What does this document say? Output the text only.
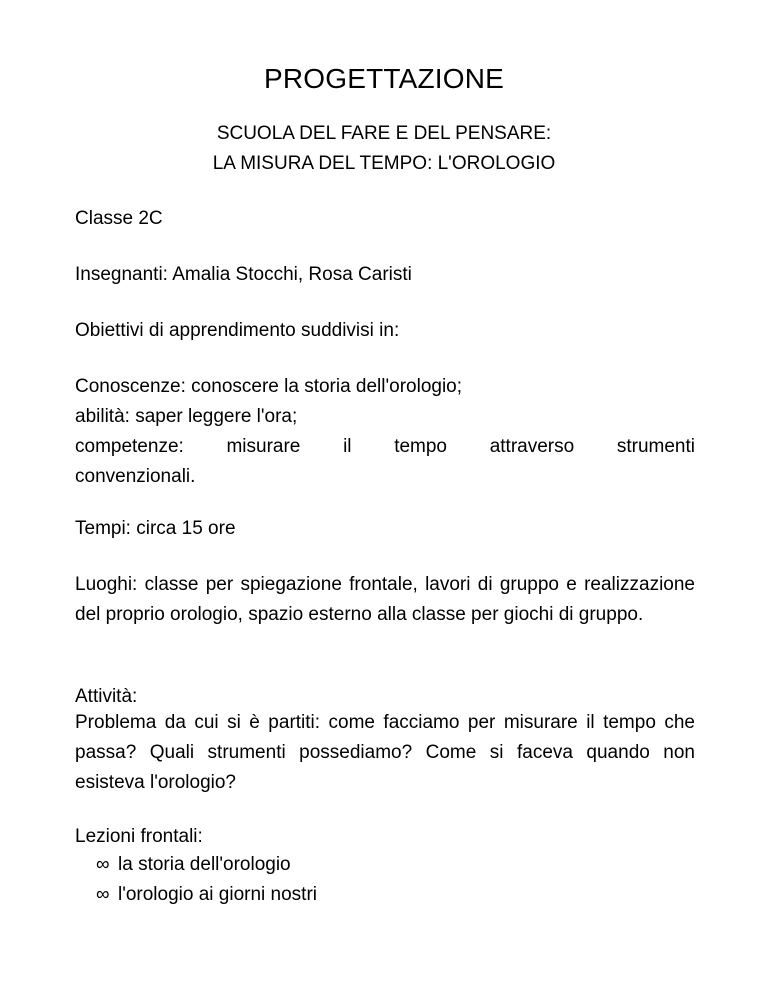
PROGETTAZIONE
SCUOLA DEL FARE E DEL PENSARE:
LA MISURA DEL TEMPO: L'OROLOGIO
Classe 2C
Insegnanti: Amalia Stocchi, Rosa Caristi
Obiettivi di apprendimento suddivisi in:
Conoscenze: conoscere la storia dell'orologio;
abilità: saper leggere l'ora;
competenze: misurare il tempo attraverso strumenti
convenzionali.
Tempi: circa 15 ore
Luoghi: classe per spiegazione frontale, lavori di gruppo e realizzazione del proprio orologio, spazio esterno alla classe per giochi di gruppo.
Attività:
Problema da cui si è partiti: come facciamo per misurare il tempo che passa? Quali strumenti possediamo? Come si faceva quando non esisteva l'orologio?
Lezioni frontali:
∞ la storia dell'orologio
∞ l'orologio ai giorni nostri
